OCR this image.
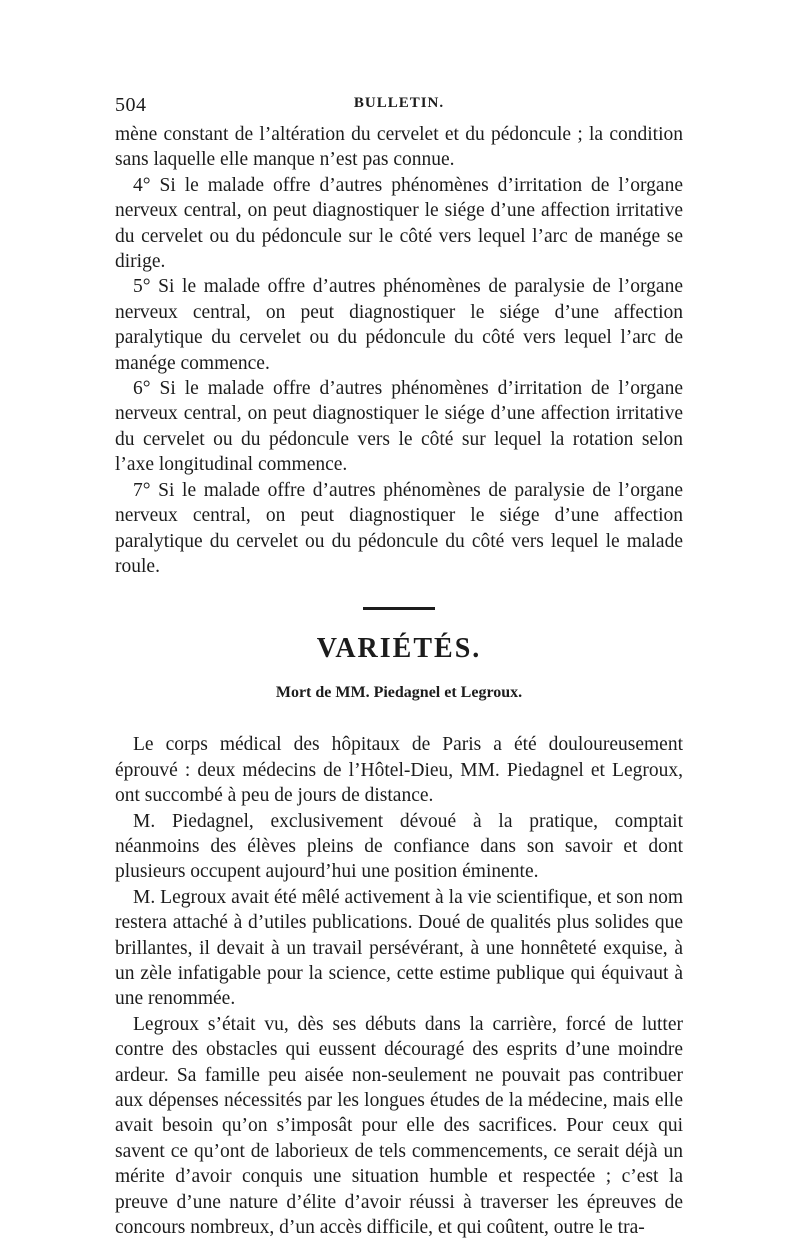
504	BULLETIN.

mène constant de l’altération du cervelet et du pédoncule ; la condition sans laquelle elle manque n’est pas connue.

4° Si le malade offre d’autres phénomènes d’irritation de l’organe nerveux central, on peut diagnostiquer le siége d’une affection irritative du cervelet ou du pédoncule sur le côté vers lequel l’arc de manége se dirige.

5° Si le malade offre d’autres phénomènes de paralysie de l’organe nerveux central, on peut diagnostiquer le siége d’une affection paralytique du cervelet ou du pédoncule du côté vers lequel l’arc de manége commence.

6° Si le malade offre d’autres phénomènes d’irritation de l’organe nerveux central, on peut diagnostiquer le siége d’une affection irritative du cervelet ou du pédoncule vers le côté sur lequel la rotation selon l’axe longitudinal commence.

7° Si le malade offre d’autres phénomènes de paralysie de l’organe nerveux central, on peut diagnostiquer le siége d’une affection paralytique du cervelet ou du pédoncule du côté vers lequel le malade roule.

VARIÉTÉS.
Mort de MM. Piedagnel et Legroux.

Le corps médical des hôpitaux de Paris a été douloureusement éprouvé : deux médecins de l’Hôtel-Dieu, MM. Piedagnel et Legroux, ont succombé à peu de jours de distance.

M. Piedagnel, exclusivement dévoué à la pratique, comptait néanmoins des élèves pleins de confiance dans son savoir et dont plusieurs occupent aujourd’hui une position éminente.

M. Legroux avait été mêlé activement à la vie scientifique, et son nom restera attaché à d’utiles publications. Doué de qualités plus solides que brillantes, il devait à un travail persévérant, à une honnêteté exquise, à un zèle infatigable pour la science, cette estime publique qui équivaut à une renommée.

Legroux s’était vu, dès ses débuts dans la carrière, forcé de lutter contre des obstacles qui eussent découragé des esprits d’une moindre ardeur. Sa famille peu aisée non-seulement ne pouvait pas contribuer aux dépenses nécessités par les longues études de la médecine, mais elle avait besoin qu’on s’imposât pour elle des sacrifices. Pour ceux qui savent ce qu’ont de laborieux de tels commencements, ce serait déjà un mérite d’avoir conquis une situation humble et respectée ; c’est la preuve d’une nature d’élite d’avoir réussi à traverser les épreuves de concours nombreux, d’un accès difficile, et qui coûtent, outre le tra-
